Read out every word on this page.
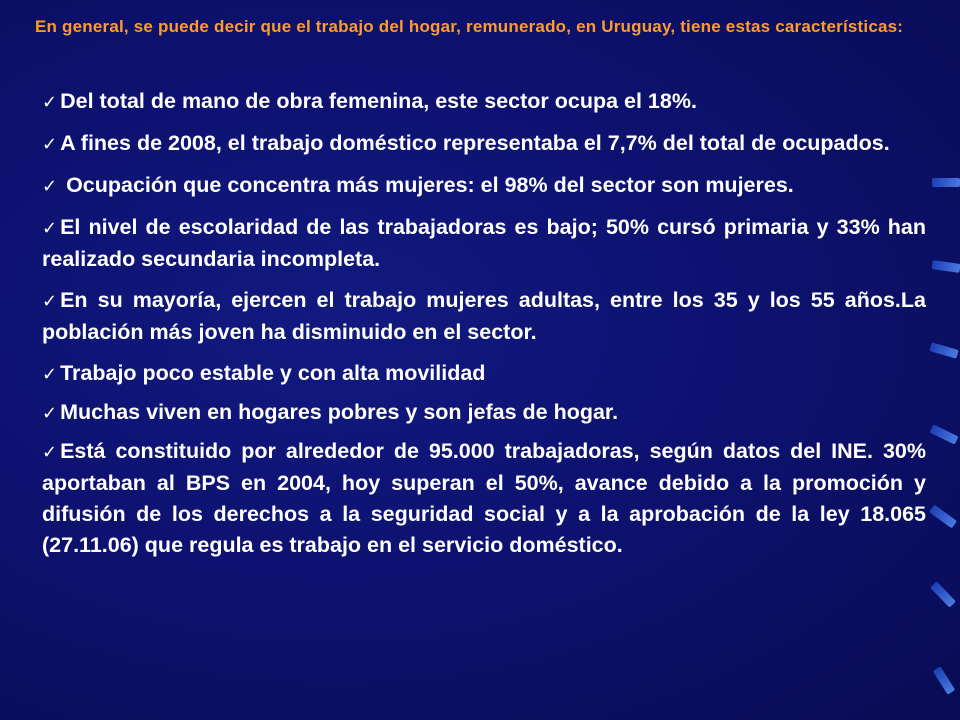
En general, se puede decir que el trabajo del hogar, remunerado, en Uruguay, tiene estas características:
✓ Del total de mano de obra femenina, este sector ocupa el 18%.
✓ A fines de 2008, el trabajo doméstico representaba el 7,7% del total de ocupados.
✓ Ocupación que concentra más mujeres: el 98% del sector son mujeres.
✓ El nivel de escolaridad de las trabajadoras es bajo; 50% cursó primaria y 33% han realizado secundaria incompleta.
✓ En su mayoría, ejercen el trabajo mujeres adultas, entre los 35 y los 55 años.La población más joven ha disminuido en el sector.
✓ Trabajo poco estable y con alta movilidad
✓ Muchas viven en hogares pobres y son jefas de hogar.
✓ Está constituido por alrededor de 95.000 trabajadoras, según datos del INE. 30% aportaban al BPS en 2004, hoy superan el 50%, avance debido a la promoción y difusión de los derechos a la seguridad social y a la aprobación de la ley 18.065 (27.11.06) que regula es trabajo en el servicio doméstico.
